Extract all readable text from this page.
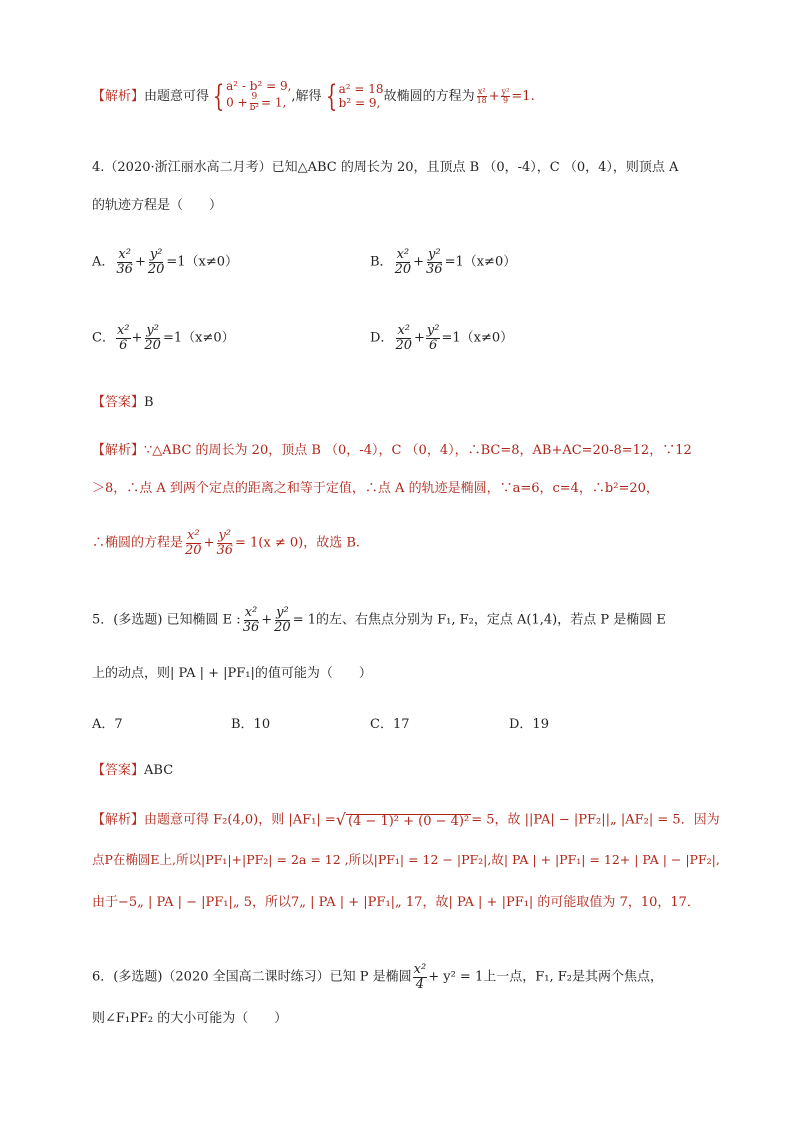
【解析】由题意可得 { a² - b² = 9,
$0 + \frac{9}{\text{b²}} = 1$, ,解得 { a² = 18
b² = 9, 故椭圆的方程为 $\frac{\text{x²}}{18} + \frac{\text{y²}}{9} =1$.
4.（2020·浙江丽水高二月考）已知△ABC 的周长为 20，且顶点 B （0，-4），C （0，4），则顶点 A
的轨迹方程是（　　）
A． $\frac{\text{x²}}{36} + \frac{\text{y²}}{20} =1(x\ne 0)$	B． $\frac{\text{x²}}{20} + \frac{\text{y²}}{36} =1(x\ne 0)$
C． $\frac{\text{x²}}{6} + \frac{\text{y²}}{20} =1(x\ne 0)$	D． $\frac{\text{x²}}{20} + \frac{\text{y²}}{6} =1(x\ne 0)$
【答案】B
【解析】∵△ABC 的周长为 20，顶点 B （0，-4），C （0，4），∴BC=8，AB+AC=20-8=12，∵12
＞8，∴点 A 到两个定点的距离之和等于定值，∴点 A 的轨迹是椭圆，∵a=6，c=4，∴b²=20，
∴椭圆的方程是 $\frac{\text{x²}}{20} + \frac{\text{y²}}{36} = 1(x \ne 0)$，故选 B.
5．(多选题) 已知椭圆 E : $\frac{\text{x²}}{36} + \frac{\text{y²}}{20} = 1$的左、右焦点分别为 F₁, F₂，定点 A(1,4)，若点 P 是椭圆 E
上的动点，则| PA | + |PF₁|的值可能为（　　）
A．7	B．10	C．17	D．19
【答案】ABC
【解析】由题意可得 F₂(4,0)，则 |AF₁| = √ (4 − 1)² + (0 − 4)² = 5，故 ||PA| − |PF₂||„ |AF₂| = 5．因为
点P在椭圆E上,所以|PF₁|+|PF₂| = 2a = 12 ,所以|PF₁| = 12 − |PF₂|,故| PA | + |PF₁| = 12+ | PA | − |PF₂|,
由于−5„ | PA | − |PF₁|„ 5，所以7„ | PA | + |PF₁|„ 17，故| PA | + |PF₁| 的可能取值为 7，10，17．
6．(多选题)（2020 全国高二课时练习）已知 P 是椭圆 $\frac{\text{x²}}{4} + y^2 = 1$上一点，F₁, F₂是其两个焦点，
则∠F₁PF₂ 的大小可能为（　　）
